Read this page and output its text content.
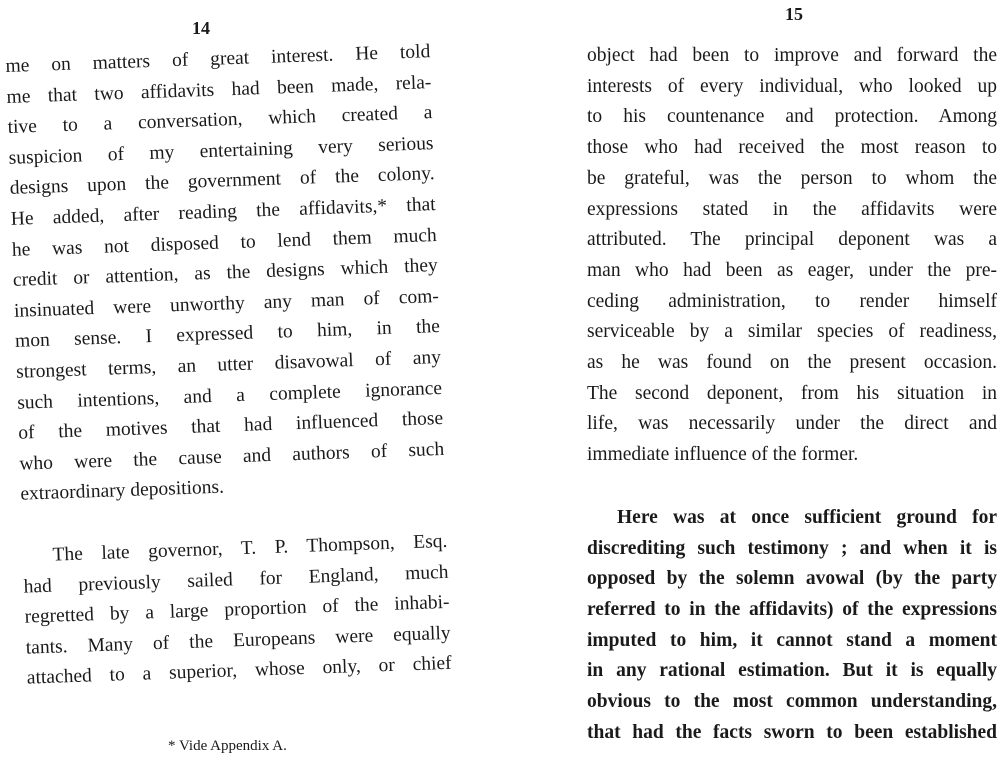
14
me on matters of great interest. He told
me that two affidavits had been made, rela-
tive to a conversation, which created a
suspicion of my entertaining very serious
designs upon the government of the colony.
He added, after reading the affidavits,* that
he was not disposed to lend them much
credit or attention, as the designs which they
insinuated were unworthy any man of com-
mon sense. I expressed to him, in the
strongest terms, an utter disavowal of any
such intentions, and a complete ignorance
of the motives that had influenced those
who were the cause and authors of such
extraordinary depositions.
The late governor, T. P. Thompson, Esq.
had previously sailed for England, much
regretted by a large proportion of the inhabi-
tants. Many of the Europeans were equally
attached to a superior, whose only, or chief
* Vide Appendix A.
15
object had been to improve and forward the
interests of every individual, who looked up
to his countenance and protection. Among
those who had received the most reason to
be grateful, was the person to whom the
expressions stated in the affidavits were
attributed. The principal deponent was a
man who had been as eager, under the pre-
ceding administration, to render himself
serviceable by a similar species of readiness,
as he was found on the present occasion.
The second deponent, from his situation in
life, was necessarily under the direct and
immediate influence of the former.
Here was at once sufficient ground for
discrediting such testimony ; and when it is
opposed by the solemn avowal (by the party
referred to in the affidavits) of the expressions
imputed to him, it cannot stand a moment
in any rational estimation. But it is equally
obvious to the most common understanding,
that had the facts sworn to been established
